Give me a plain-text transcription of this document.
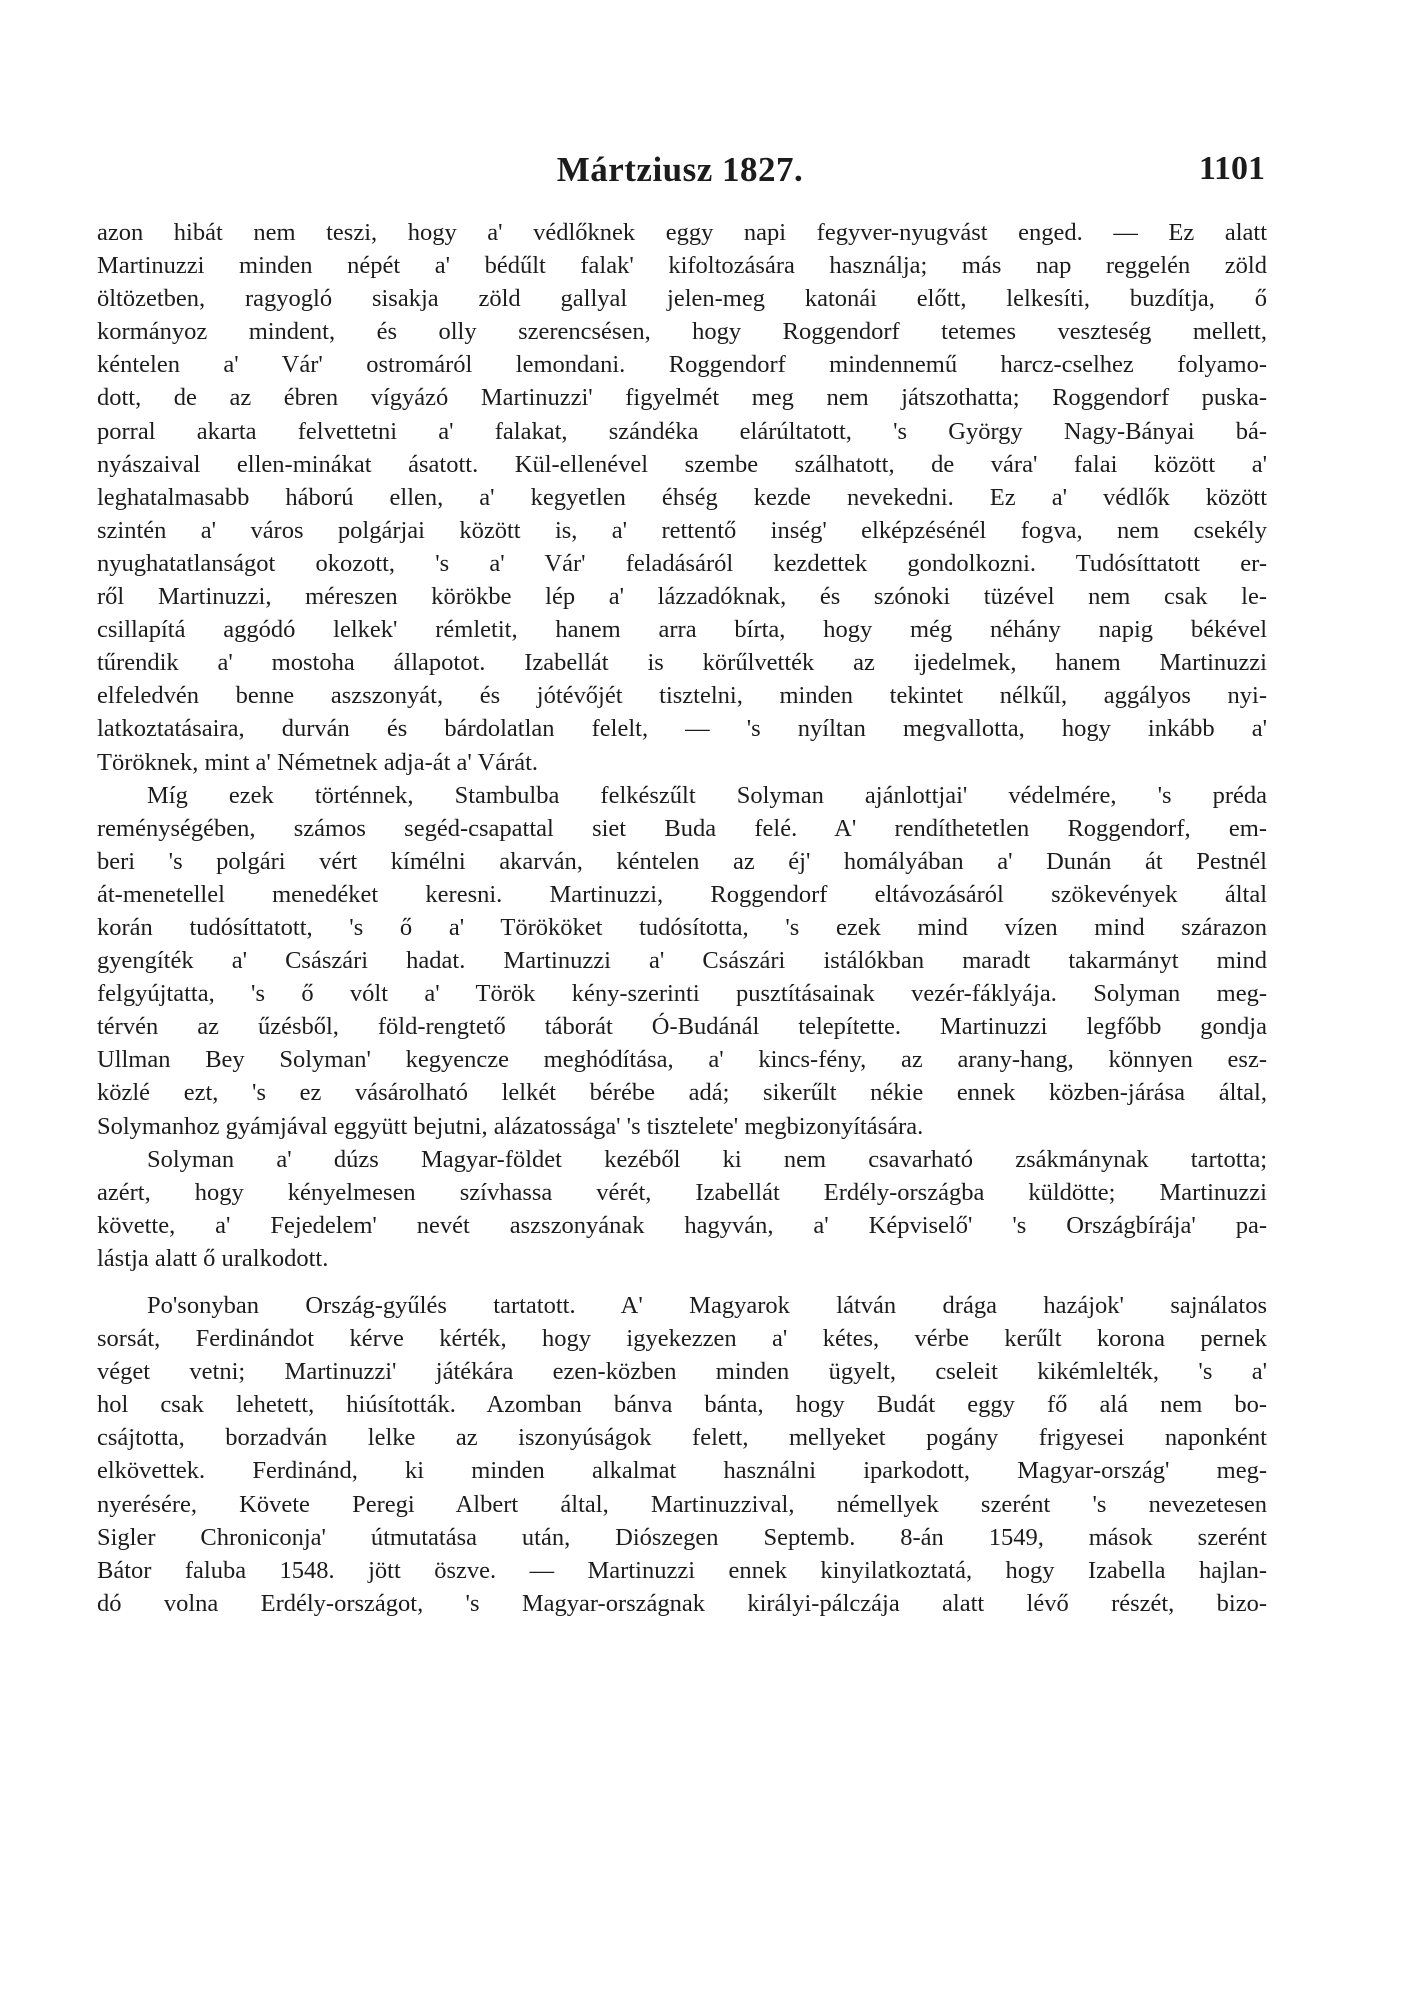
Mártziusz 1827.	1101
azon hibát nem teszi, hogy a' védlőknek eggy napi fegyver-nyugvást enged. — Ez alatt
Martinuzzi minden népét a' bédűlt falak' kifoltozására használja; más nap reggelén zöld
öltözetben, ragyogló sisakja zöld gallyal jelen-meg katonái előtt, lelkesíti, buzdítja, ő
kormányoz mindent, és olly szerencsésen, hogy Roggendorf tetemes veszteség mellett,
kéntelen a' Vár' ostromáról lemondani. Roggendorf mindennemű harcz-cselhez folyamo-
dott, de az ébren vígyázó Martinuzzi' figyelmét meg nem játszothatta; Roggendorf puska-
porral akarta felvettetni a' falakat, szándéka elárúltatott, 's György Nagy-Bányai bá-
nyászaival ellen-minákat ásatott. Kül-ellenével szembe szálhatott, de vára' falai között a'
leghatalmasabb háború ellen, a' kegyetlen éhség kezde nevekedni. Ez a' védlők között
szintén a' város polgárjai között is, a' rettentő inség' elképzésénél fogva, nem csekély
nyughatatlanságot okozott, 's a' Vár' feladásáról kezdettek gondolkozni. Tudósíttatott er-
ről Martinuzzi, méreszen körökbe lép a' lázzadóknak, és szónoki tüzével nem csak le-
csillapítá aggódó lelkek' rémletit, hanem arra bírta, hogy még néhány napig békével
tűrendik a' mostoha állapotot. Izabellát is körűlvették az ijedelmek, hanem Martinuzzi
elfeledvén benne aszszonyát, és jótévőjét tisztelni, minden tekintet nélkűl, aggályos nyi-
latkoztatásaira, durván és bárdolatlan felelt, — 's nyíltan megvallotta, hogy inkább a'
Töröknek, mint a' Németnek adja-át a' Várát.
Míg ezek történnek, Stambulba felkészűlt Solyman ajánlottjai' védelmére, 's préda
reménységében, számos segéd-csapattal siet Buda felé. A' rendíthetetlen Roggendorf, em-
beri 's polgári vért kímélni akarván, kéntelen az éj' homályában a' Dunán át Pestnél
át-menetellel menedéket keresni. Martinuzzi, Roggendorf eltávozásáról szökevények által
korán tudósíttatott, 's ő a' Törököket tudósította, 's ezek mind vízen mind szárazon
gyengíték a' Császári hadat. Martinuzzi a' Császári istálókban maradt takarmányt mind
felgyújtatta, 's ő vólt a' Török kény-szerinti pusztításainak vezér-fáklyája. Solyman meg-
térvén az űzésből, föld-rengtető táborát Ó-Budánál telepítette. Martinuzzi legfőbb gondja
Ullman Bey Solyman' kegyencze meghódítása, a' kincs-fény, az arany-hang, könnyen esz-
közlé ezt, 's ez vásárolható lelkét bérébe adá; sikerűlt nékie ennek közben-járása által,
Solymanhoz gyámjával eggyütt bejutni, alázatossága' 's tisztelete' megbizonyítására.
Solyman a' dúzs Magyar-földet kezéből ki nem csavarható zsákmánynak tartotta;
azért, hogy kényelmesen szívhassa vérét, Izabellát Erdély-országba küldötte; Martinuzzi
követte, a' Fejedelem' nevét aszszonyának hagyván, a' Képviselő' 's Országbírája' pa-
lástja alatt ő uralkodott.
Po'sonyban Ország-gyűlés tartatott. A' Magyarok látván drága hazájok' sajnálatos
sorsát, Ferdinándot kérve kérték, hogy igyekezzen a' kétes, vérbe kerűlt korona pernek
véget vetni; Martinuzzi' játékára ezen-közben minden ügyelt, cseleit kikémlelték, 's a'
hol csak lehetett, hiúsították. Azomban bánva bánta, hogy Budát eggy fő alá nem bo-
csájtotta, borzadván lelke az iszonyúságok felett, mellyeket pogány frigyesei naponként
elkövettek. Ferdinánd, ki minden alkalmat használni iparkodott, Magyar-ország' meg-
nyerésére, Követe Peregi Albert által, Martinuzzival, némellyek szerént 's nevezetesen
Sigler Chroniconja' útmutatása után, Diószegen Septemb. 8-án 1549, mások szerént
Bátor faluba 1548. jött öszve. — Martinuzzi ennek kinyilatkoztatá, hogy Izabella hajlan-
dó volna Erdély-országot, 's Magyar-országnak királyi-pálczája alatt lévő részét, bizo-
